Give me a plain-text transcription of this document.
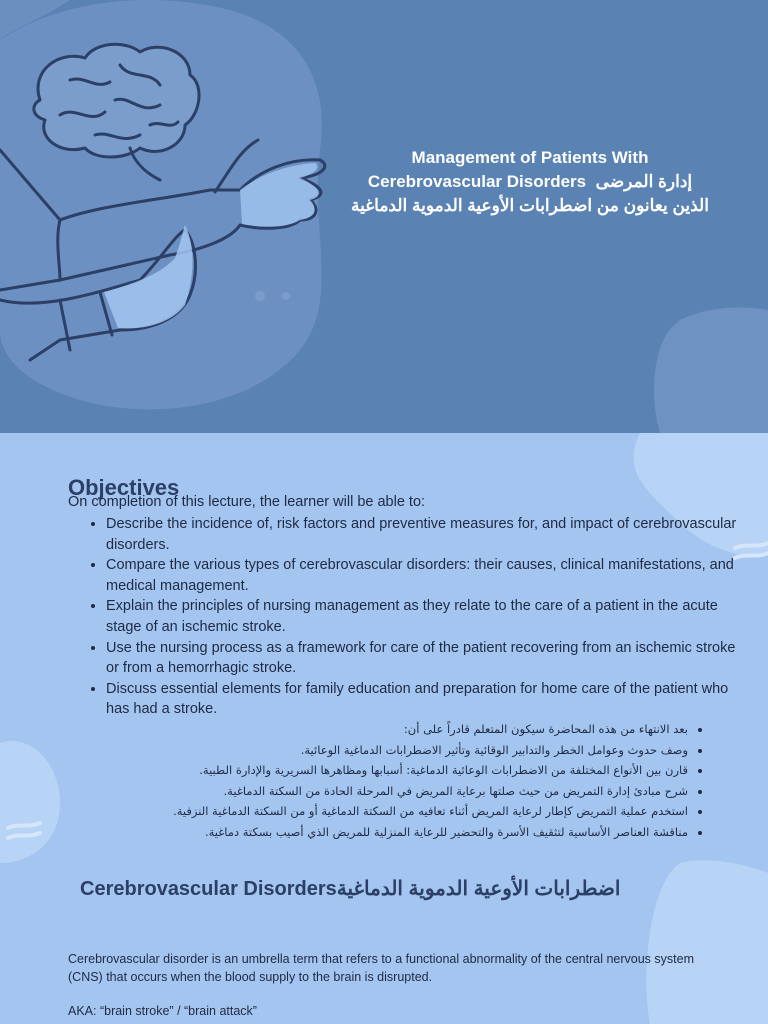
Management of Patients With
Cerebrovascular Disorders إدارة المرضى
الذين يعانون من اضطرابات الأوعية الدموية الدماغية
Objectives
On completion of this lecture, the learner will be able to:
• Describe the incidence of, risk factors and preventive measures for, and impact of cerebrovascular disorders.
• Compare the various types of cerebrovascular disorders: their causes, clinical manifestations, and medical management.
• Explain the principles of nursing management as they relate to the care of a patient in the acute stage of an ischemic stroke.
• Use the nursing process as a framework for care of the patient recovering from an ischemic stroke or from a hemorrhagic stroke.
• Discuss essential elements for family education and preparation for home care of the patient who has had a stroke.
• بعد الانتهاء من هذه المحاضرة سيكون المتعلم قادراً على أن:
• وصف حدوث وعوامل الخطر والتدابير الوقائية وتأثير الاضطرابات الدماغية الوعائية.
• قارن بين الأنواع المختلفة من الاضطرابات الوعائية الدماغية: أسبابها ومظاهرها السريرية والإدارة الطبية.
• شرح مبادئ إدارة التمريض من حيث صلتها برعاية المريض في المرحلة الحادة من السكتة الدماغية.
• استخدم عملية التمريض كإطار لرعاية المريض أثناء تعافيه من السكتة الدماغية أو من السكتة الدماغية النزفية.
• مناقشة العناصر الأساسية لتثقيف الأسرة والتحضير للرعاية المنزلية للمريض الذي أصيب بسكتة دماغية.
Cerebrovascular Disordersاضطرابات الأوعية الدموية الدماغية

Cerebrovascular disorder is an umbrella term that refers to a functional abnormality of the central nervous system (CNS) that occurs when the blood supply to the brain is disrupted.

AKA: “brain stroke” / “brain attack”
